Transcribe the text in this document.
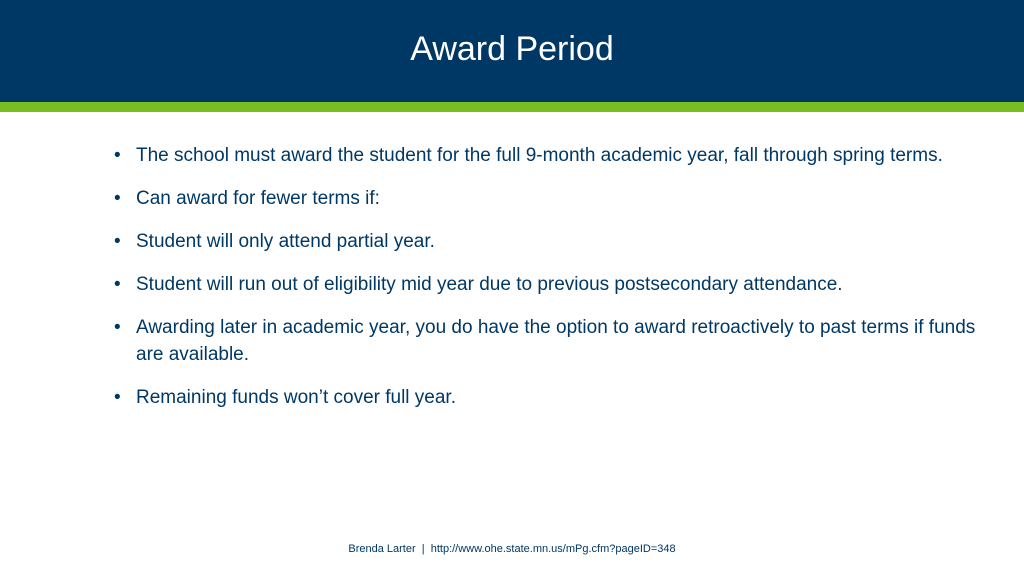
Award Period
• The school must award the student for the full 9-month academic year, fall through spring terms.
• Can award for fewer terms if:
• Student will only attend partial year.
• Student will run out of eligibility mid year due to previous postsecondary attendance.
• Awarding later in academic year, you do have the option to award retroactively to past terms if funds are available.
• Remaining funds won’t cover full year.
Brenda Larter  |  http://www.ohe.state.mn.us/mPg.cfm?pageID=348
